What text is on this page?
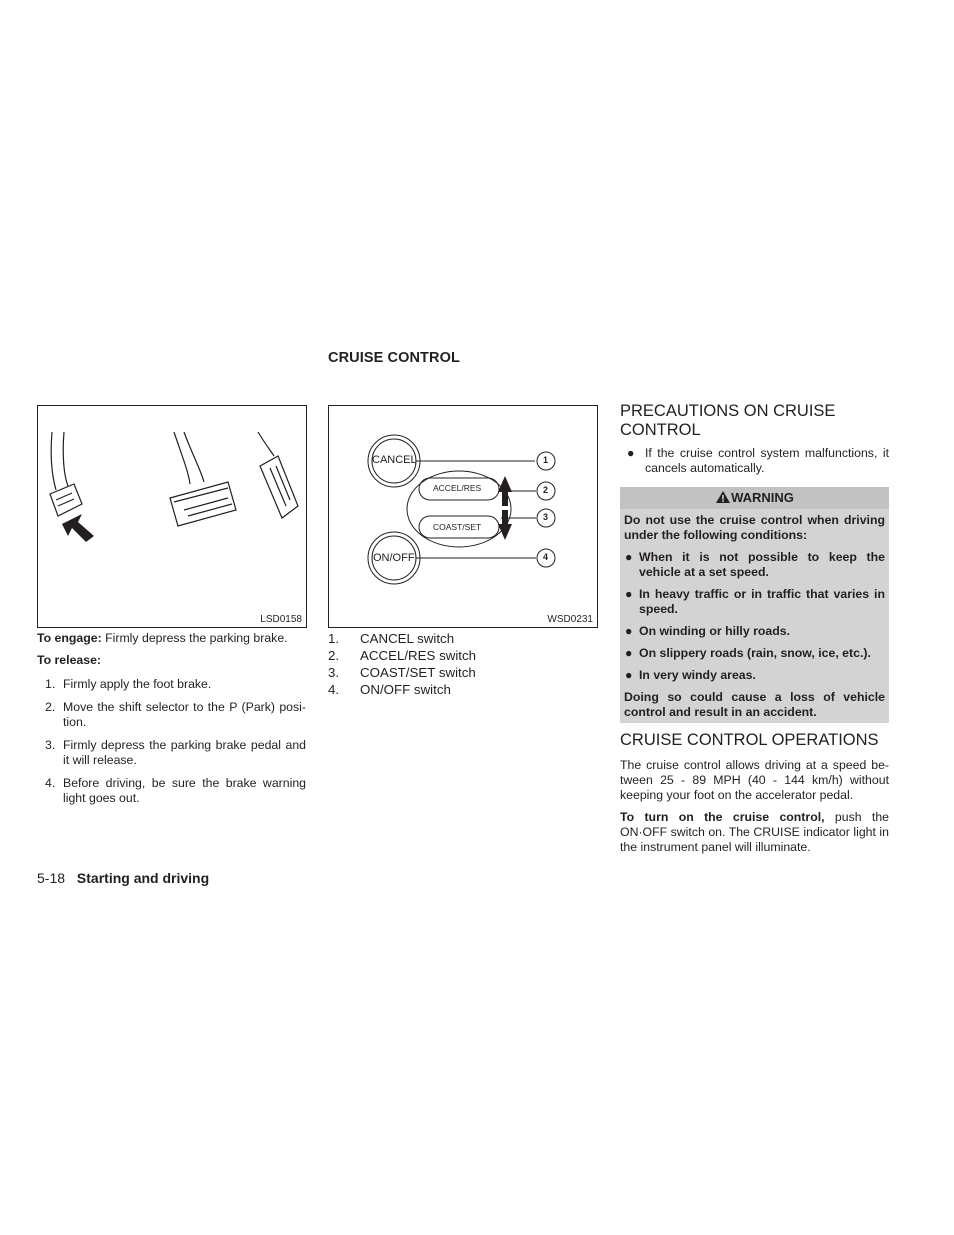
CRUISE CONTROL
LSD0158
CANCEL
ACCEL/RES
COAST/SET
ON/OFF
1
2
3
4
WSD0231

To engage: Firmly depress the parking brake.

To release:

1. Firmly apply the foot brake.
2. Move the shift selector to the P (Park) posi-tion.
3. Firmly depress the parking brake pedal and it will release.
4. Before driving, be sure the brake warning light goes out.
1. CANCEL switch
2. ACCEL/RES switch
3. COAST/SET switch
4. ON/OFF switch
PRECAUTIONS ON CRUISE CONTROL

● If the cruise control system malfunctions, it cancels automatically.

WARNING

Do not use the cruise control when driving under the following conditions:

● When it is not possible to keep the vehicle at a set speed.
● In heavy traffic or in traffic that varies in speed.
● On winding or hilly roads.
● On slippery roads (rain, snow, ice, etc.).
● In very windy areas.

Doing so could cause a loss of vehicle control and result in an accident.

CRUISE CONTROL OPERATIONS

The cruise control allows driving at a speed be-tween 25 - 89 MPH (40 - 144 km/h) without keeping your foot on the accelerator pedal.

To turn on the cruise control, push the ON·OFF switch on. The CRUISE indicator light in the instrument panel will illuminate.

5-18 Starting and driving
